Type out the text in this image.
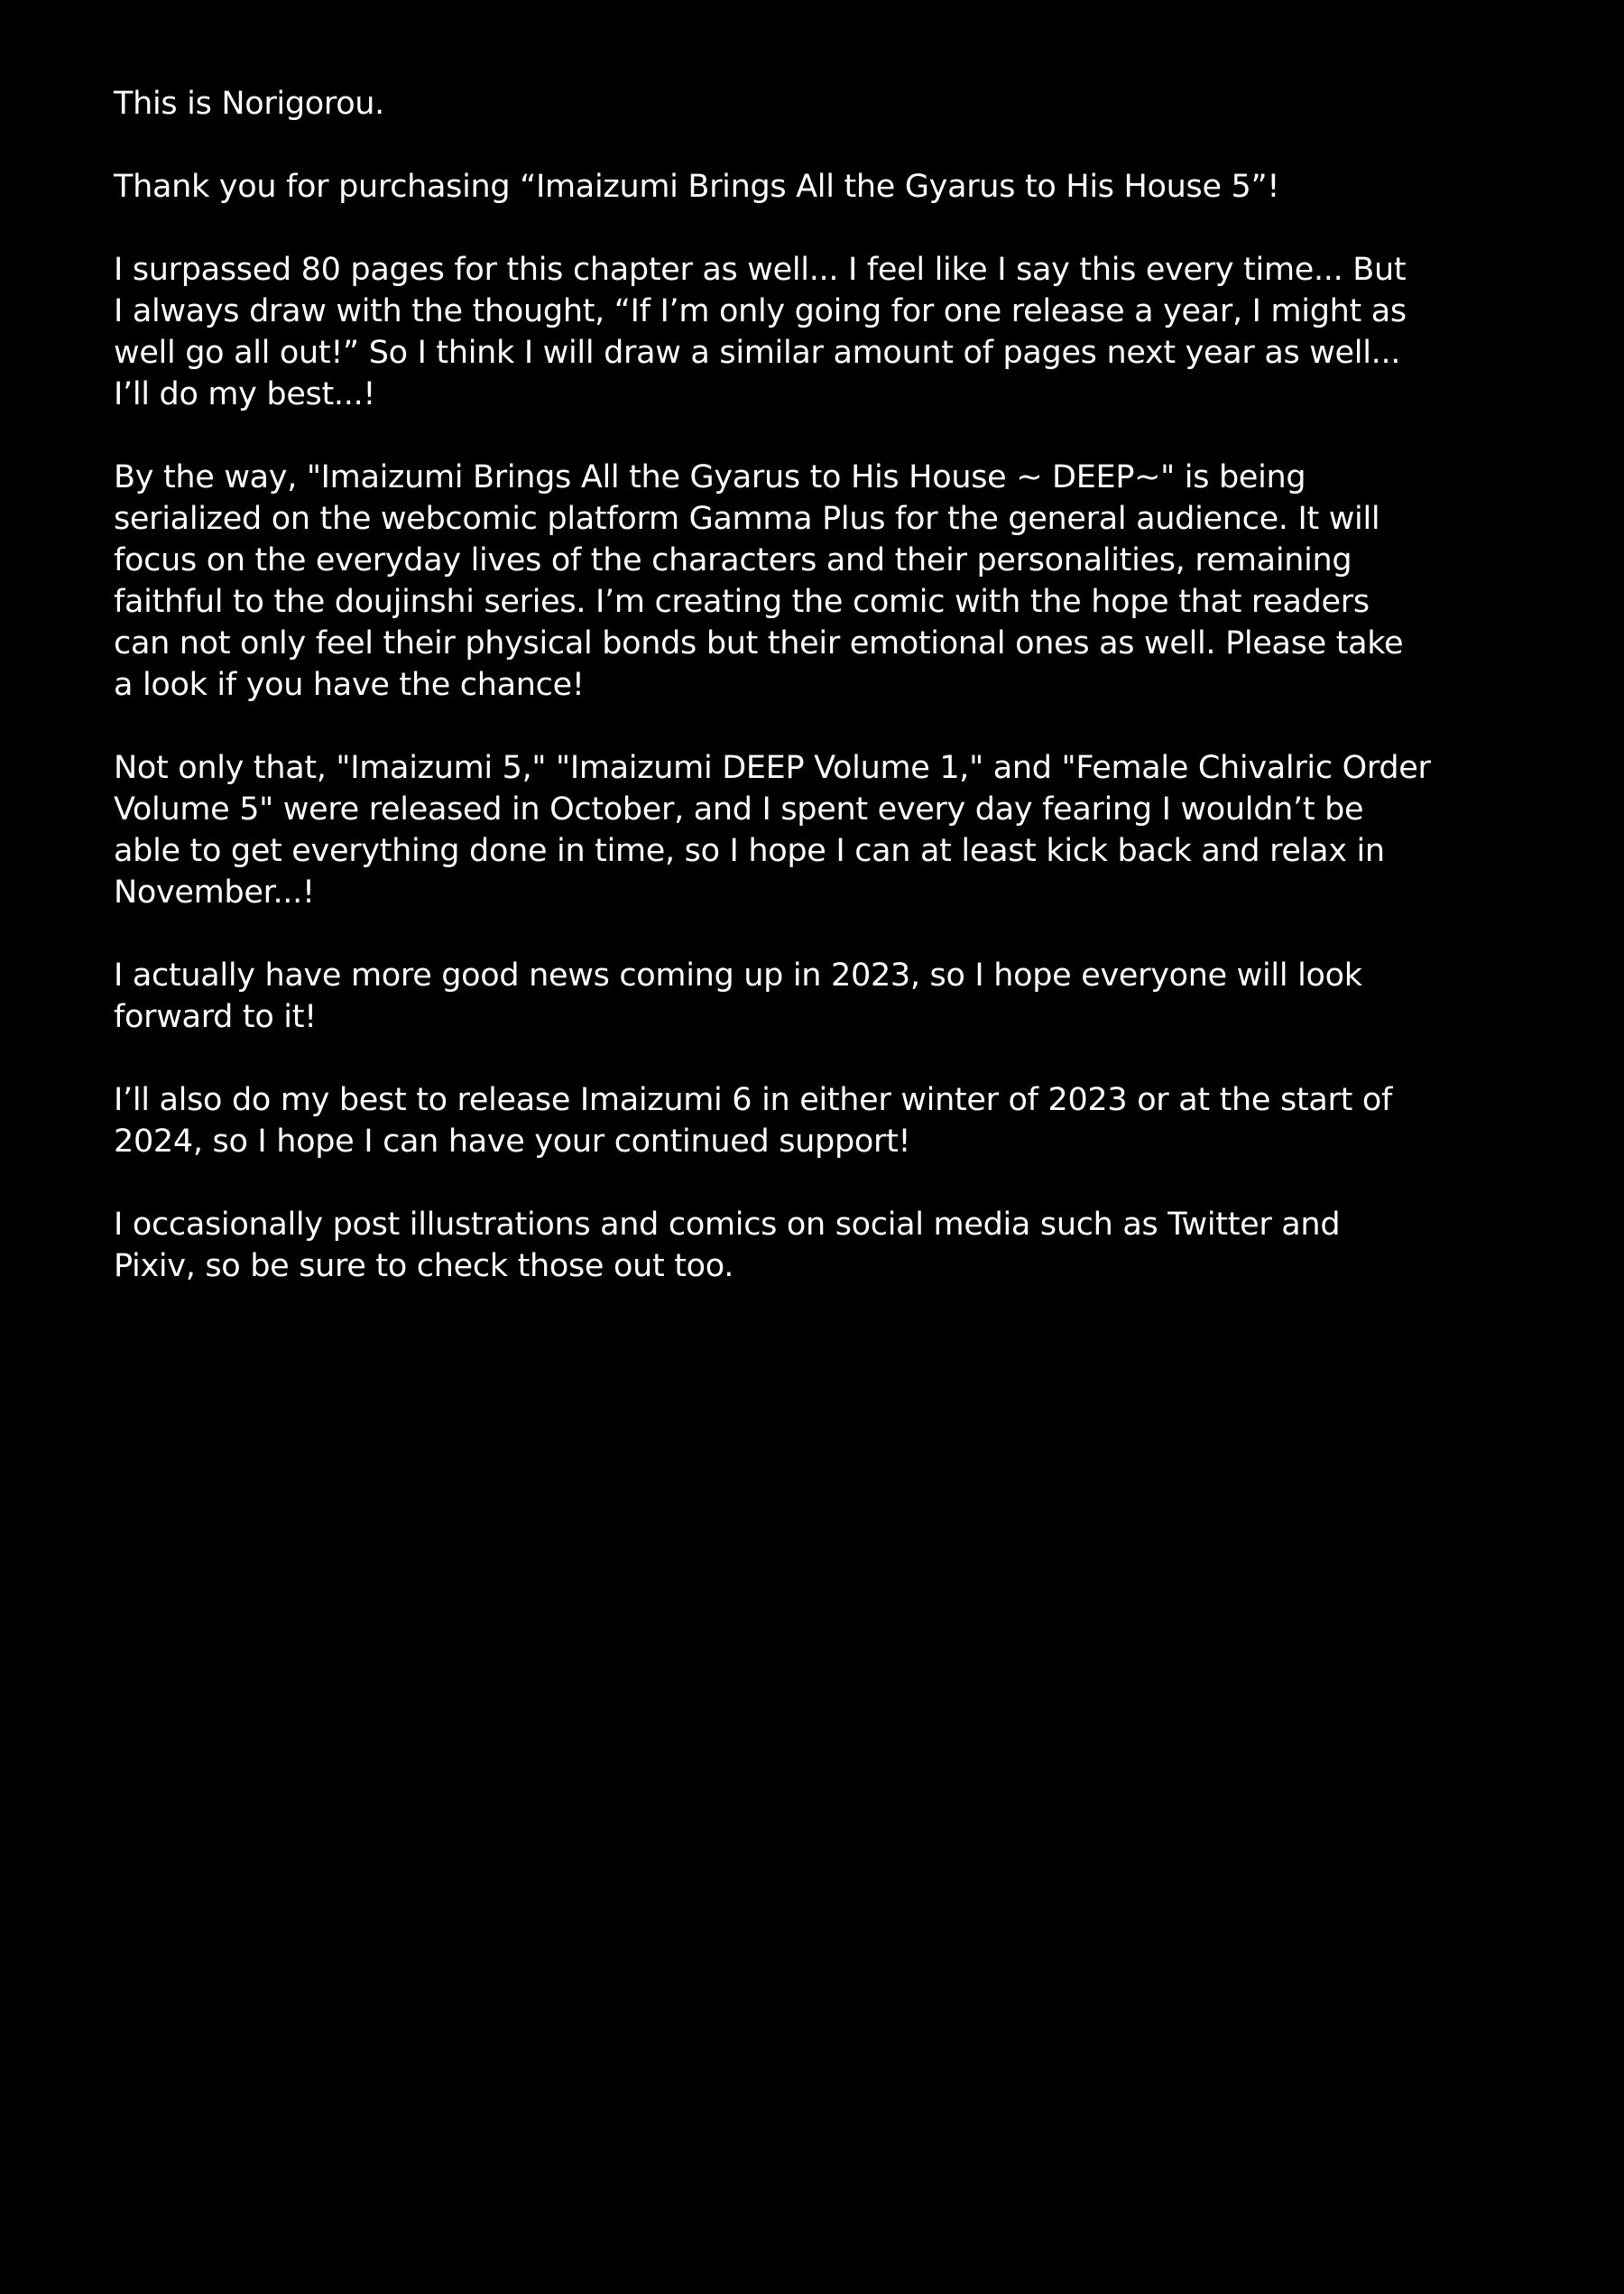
This is Norigorou.

Thank you for purchasing “Imaizumi Brings All the Gyarus to His House 5”!

I surpassed 80 pages for this chapter as well... I feel like I say this every time... But
I always draw with the thought, “If I’m only going for one release a year, I might as
well go all out!” So I think I will draw a similar amount of pages next year as well...
I’ll do my best...!

By the way, "Imaizumi Brings All the Gyarus to His House ~ DEEP~" is being
serialized on the webcomic platform Gamma Plus for the general audience. It will
focus on the everyday lives of the characters and their personalities, remaining
faithful to the doujinshi series. I’m creating the comic with the hope that readers
can not only feel their physical bonds but their emotional ones as well. Please take
a look if you have the chance!

Not only that, "Imaizumi 5," "Imaizumi DEEP Volume 1," and "Female Chivalric Order
Volume 5" were released in October, and I spent every day fearing I wouldn’t be
able to get everything done in time, so I hope I can at least kick back and relax in
November...!

I actually have more good news coming up in 2023, so I hope everyone will look
forward to it!

I’ll also do my best to release Imaizumi 6 in either winter of 2023 or at the start of
2024, so I hope I can have your continued support!

I occasionally post illustrations and comics on social media such as Twitter and
Pixiv, so be sure to check those out too.
